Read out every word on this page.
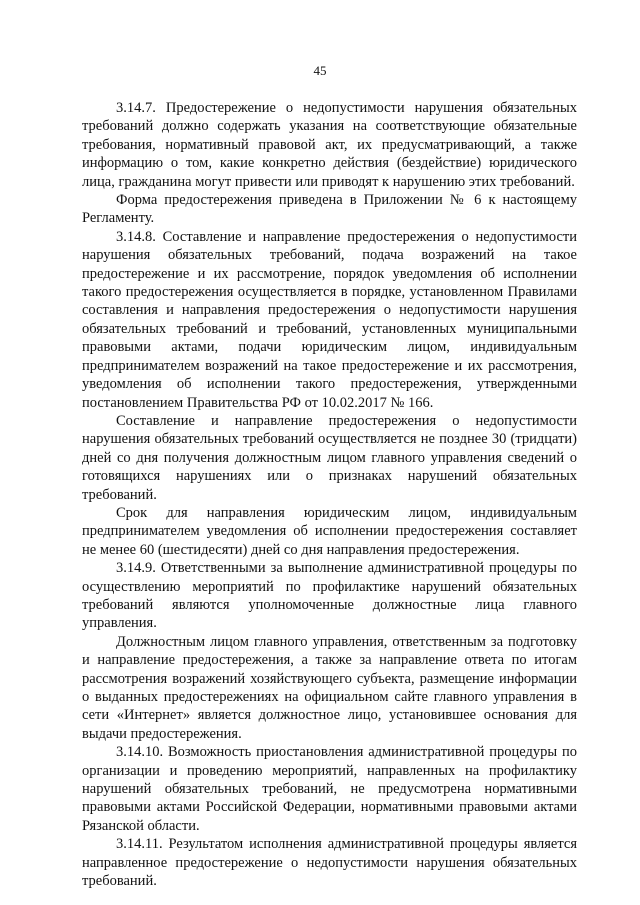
45

3.14.7. Предостережение о недопустимости нарушения обязательных требований должно содержать указания на соответствующие обязательные требования, нормативный правовой акт, их предусматривающий, а также информацию о том, какие конкретно действия (бездействие) юридического лица, гражданина могут привести или приводят к нарушению этих требований.

Форма предостережения приведена в Приложении № 6 к настоящему Регламенту.

3.14.8. Составление и направление предостережения о недопустимости нарушения обязательных требований, подача возражений на такое предостережение и их рассмотрение, порядок уведомления об исполнении такого предостережения осуществляется в порядке, установленном Правилами составления и направления предостережения о недопустимости нарушения обязательных требований и требований, установленных муниципальными правовыми актами, подачи юридическим лицом, индивидуальным предпринимателем возражений на такое предостережение и их рассмотрения, уведомления об исполнении такого предостережения, утвержденными постановлением Правительства РФ от 10.02.2017 № 166.

Составление и направление предостережения о недопустимости нарушения обязательных требований осуществляется не позднее 30 (тридцати) дней со дня получения должностным лицом главного управления сведений о готовящихся нарушениях или о признаках нарушений обязательных требований.

Срок для направления юридическим лицом, индивидуальным предпринимателем уведомления об исполнении предостережения составляет не менее 60 (шестидесяти) дней со дня направления предостережения.

3.14.9. Ответственными за выполнение административной процедуры по осуществлению мероприятий по профилактике нарушений обязательных требований являются уполномоченные должностные лица главного управления.

Должностным лицом главного управления, ответственным за подготовку и направление предостережения, а также за направление ответа по итогам рассмотрения возражений хозяйствующего субъекта, размещение информации о выданных предостережениях на официальном сайте главного управления в сети «Интернет» является должностное лицо, установившее основания для выдачи предостережения.

3.14.10. Возможность приостановления административной процедуры по организации и проведению мероприятий, направленных на профилактику нарушений обязательных требований, не предусмотрена нормативными правовыми актами Российской Федерации, нормативными правовыми актами Рязанской области.

3.14.11. Результатом исполнения административной процедуры является направленное предостережение о недопустимости нарушения обязательных требований.
